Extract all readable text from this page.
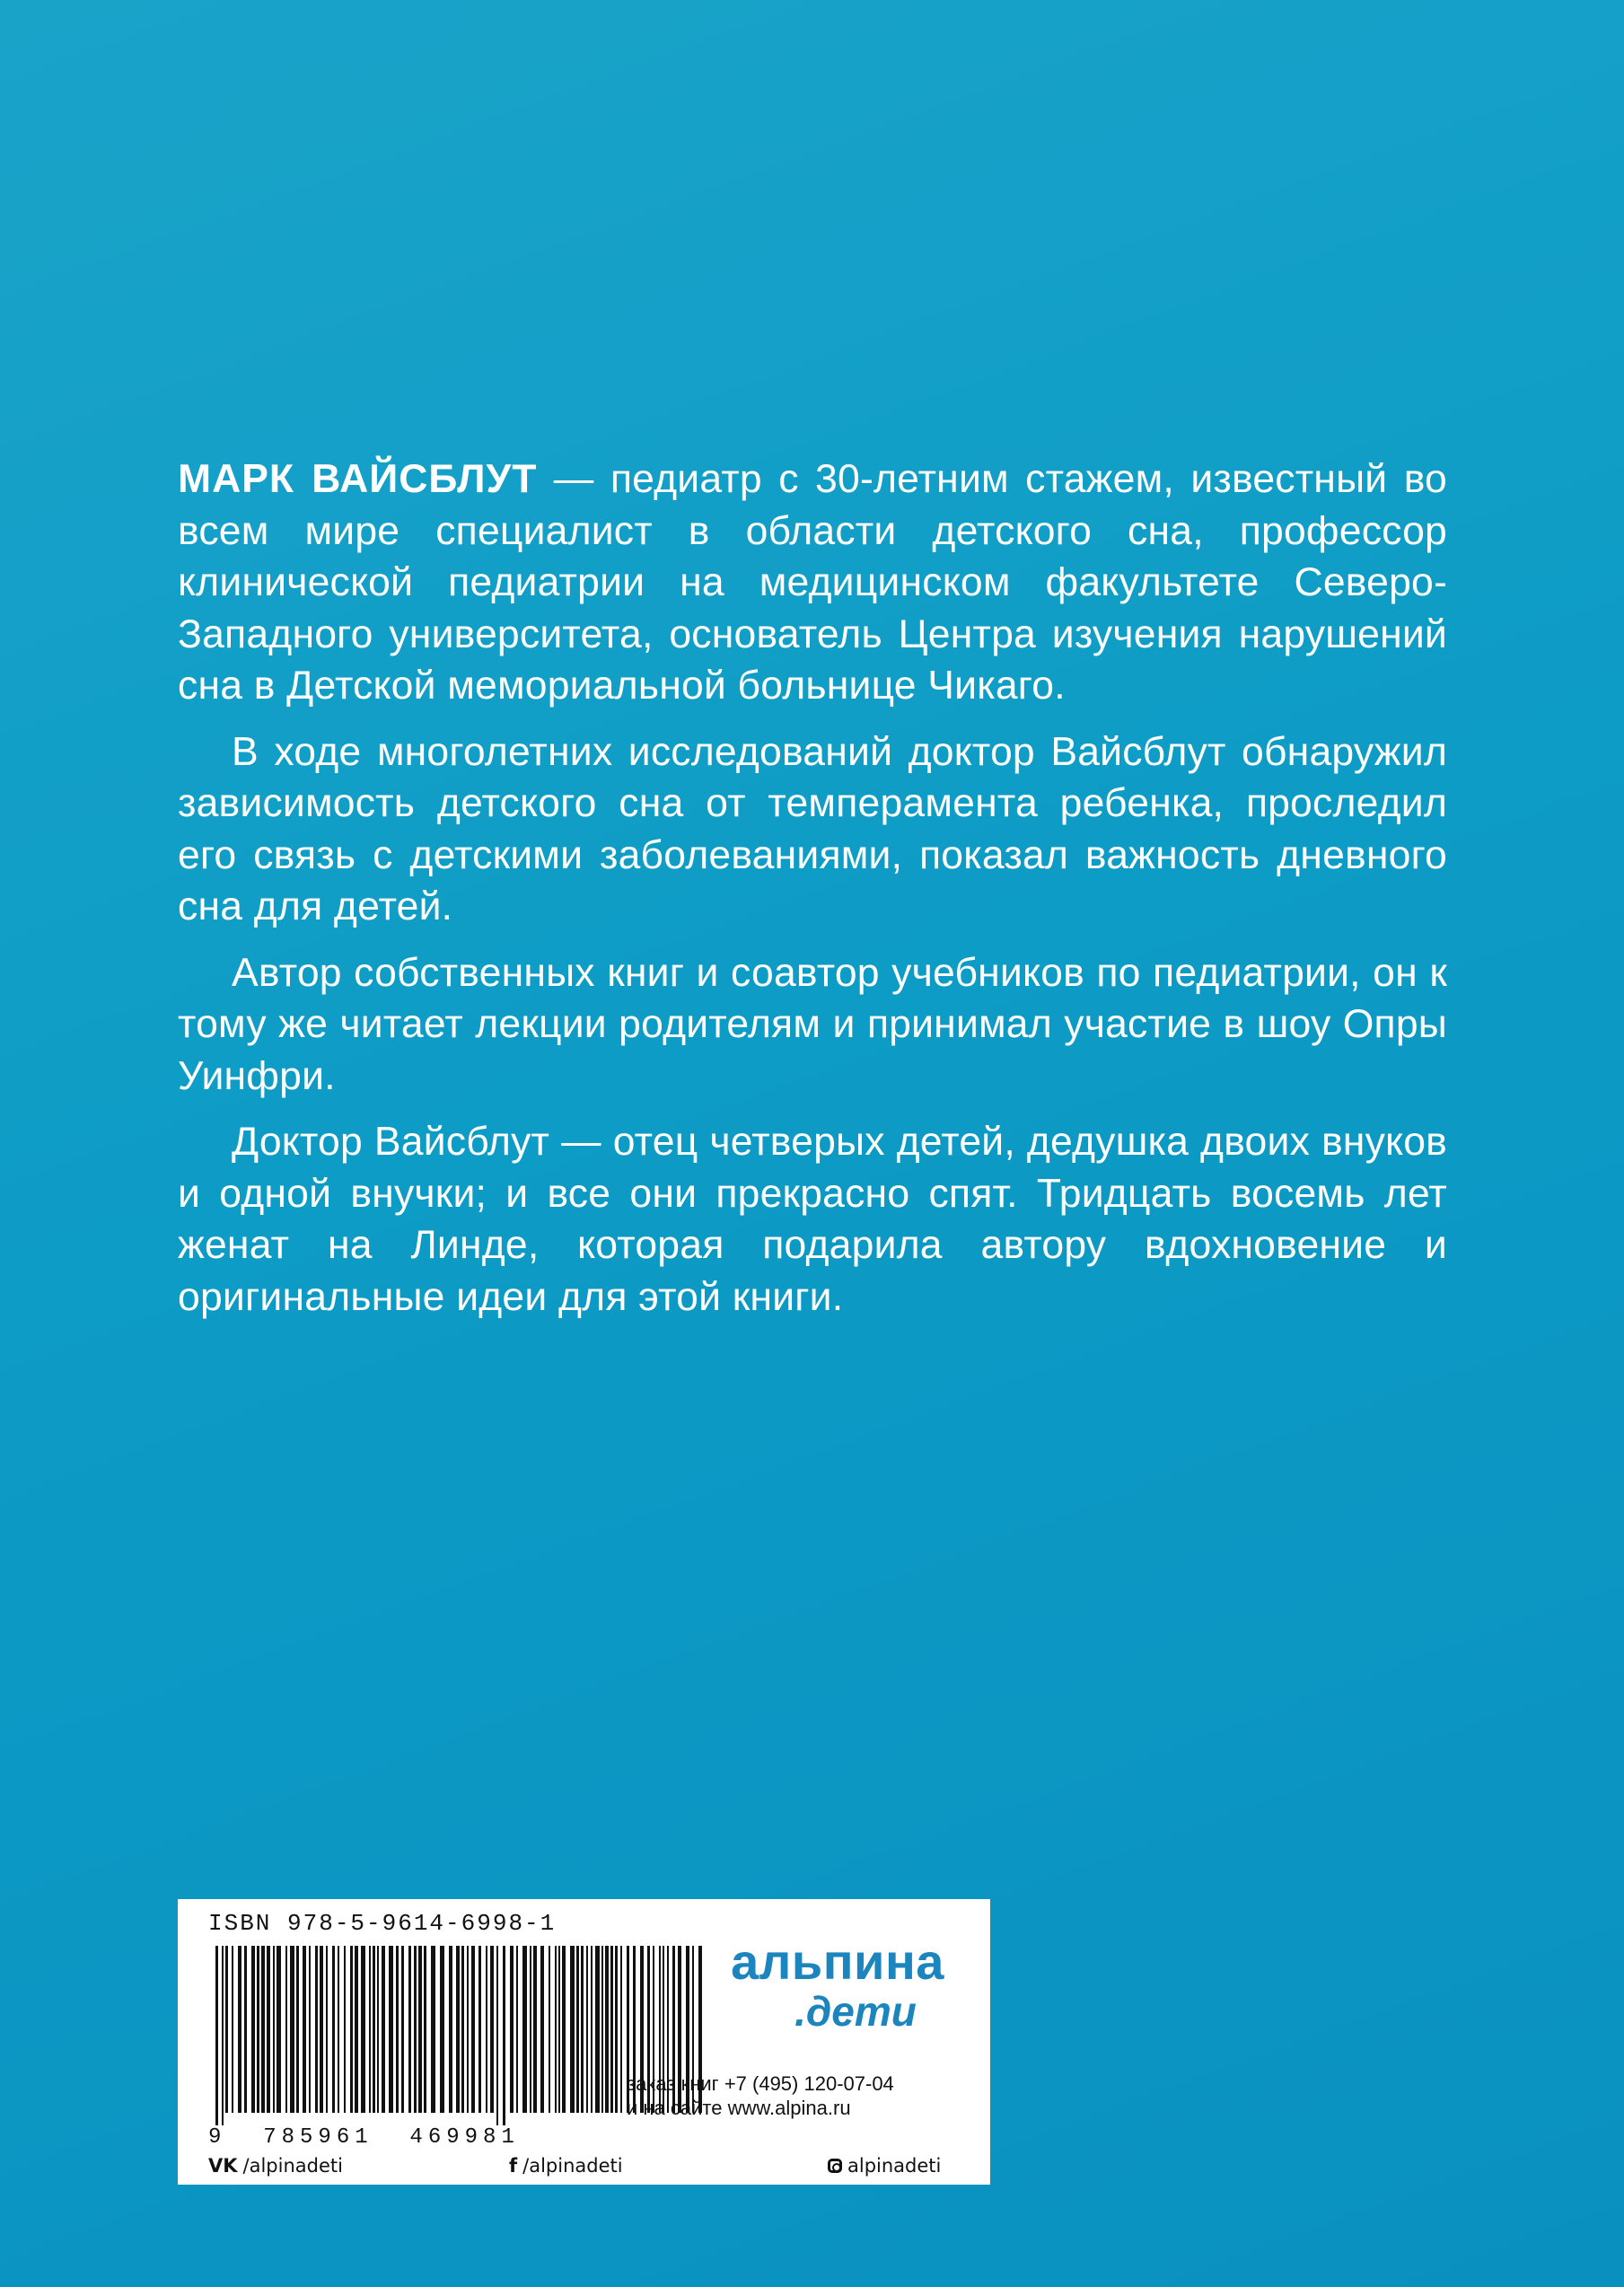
МАРК ВАЙСБЛУТ — педиатр с 30-летним стажем, известный во всем мире специалист в области детского сна, профессор клинической педиатрии на медицинском факультете Северо-Западного университета, основатель Центра изучения нарушений сна в Детской мемориальной больнице Чикаго.

В ходе многолетних исследований доктор Вайсблут обнаружил зависимость детского сна от темперамента ребенка, проследил его связь с детскими заболеваниями, показал важность дневного сна для детей.

Автор собственных книг и соавтор учебников по педиатрии, он к тому же читает лекции родителям и принимал участие в шоу Опры Уинфри.

Доктор Вайсблут — отец четверых детей, дедушка двоих внуков и одной внучки; и все они прекрасно спят. Тридцать восемь лет женат на Линде, которая подарила автору вдохновение и оригинальные идеи для этой книги.

ISBN 978-5-9614-6998-1
9  785961  469981
альпина
.дети
заказ книг +7 (495) 120-07-04
и на сайте www.alpina.ru
VK /alpinadeti	f /alpinadeti	alpinadeti
